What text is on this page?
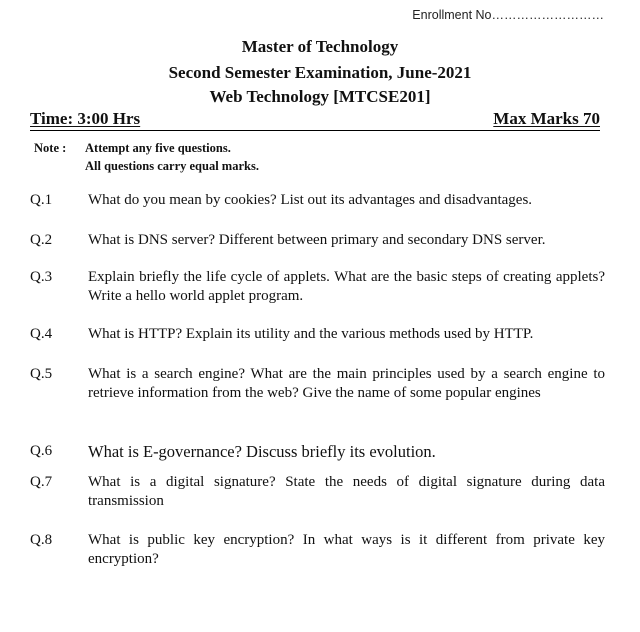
Enrollment No………………………
Master of Technology
Second Semester Examination, June-2021
Web Technology [MTCSE201]
Time: 3:00 Hrs	Max Marks 70
Note : Attempt any five questions.
All questions carry equal marks.
Q.1 What do you mean by cookies? List out its advantages and disadvantages.
Q.2 What is DNS server? Different between primary and secondary DNS server.
Q.3 Explain briefly the life cycle of applets. What are the basic steps of creating applets? Write a hello world applet program.
Q.4 What is HTTP? Explain its utility and the various methods used by HTTP.
Q.5 What is a search engine? What are the main principles used by a search engine to retrieve information from the web? Give the name of some popular engines
Q.6 What is E-governance? Discuss briefly its evolution.
Q.7 What is a digital signature? State the needs of digital signature during data transmission
Q.8 What is public key encryption? In what ways is it different from private key encryption?
